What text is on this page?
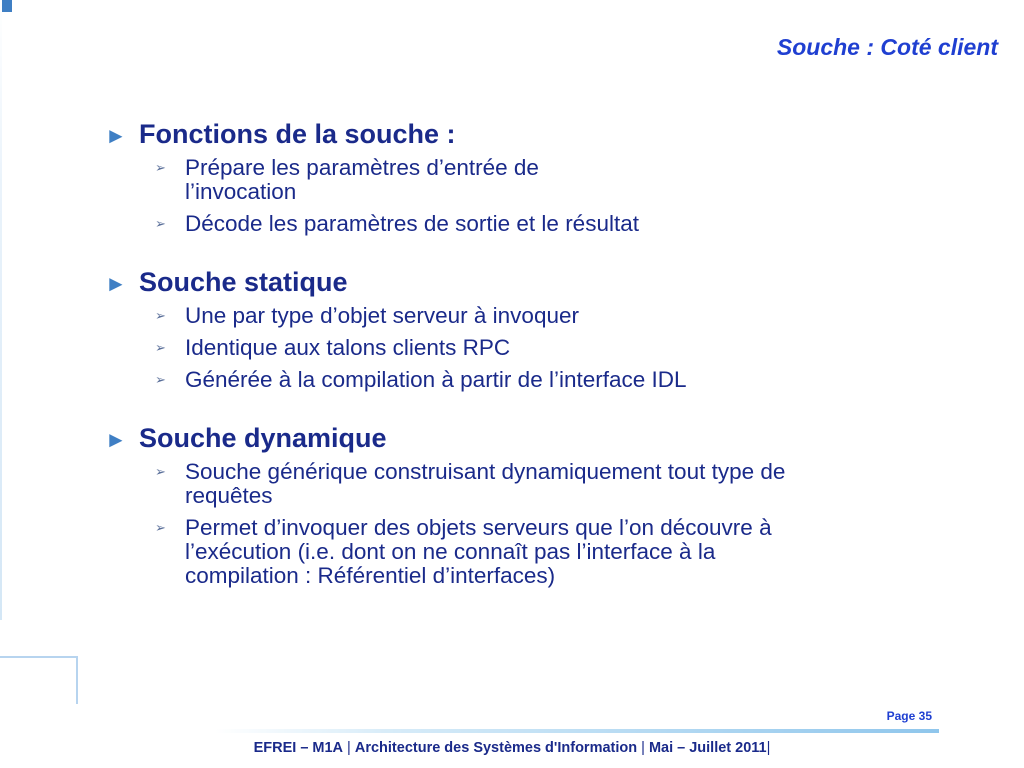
Souche : Coté client
► Fonctions de la souche :
➢ Prépare les paramètres d’entrée de
l’invocation
➢ Décode les paramètres de sortie et le résultat
► Souche statique
➢ Une par type d’objet serveur à invoquer
➢ Identique aux talons clients RPC
➢ Générée à la compilation à partir de l’interface IDL
► Souche dynamique
➢ Souche générique construisant dynamiquement tout type de
requêtes
➢ Permet d’invoquer des objets serveurs que l’on découvre à
l’exécution (i.e. dont on ne connaît pas l’interface à la
compilation : Référentiel d’interfaces)
Page 35
EFREI – M1A | Architecture des Systèmes d'Information | Mai – Juillet 2011|
